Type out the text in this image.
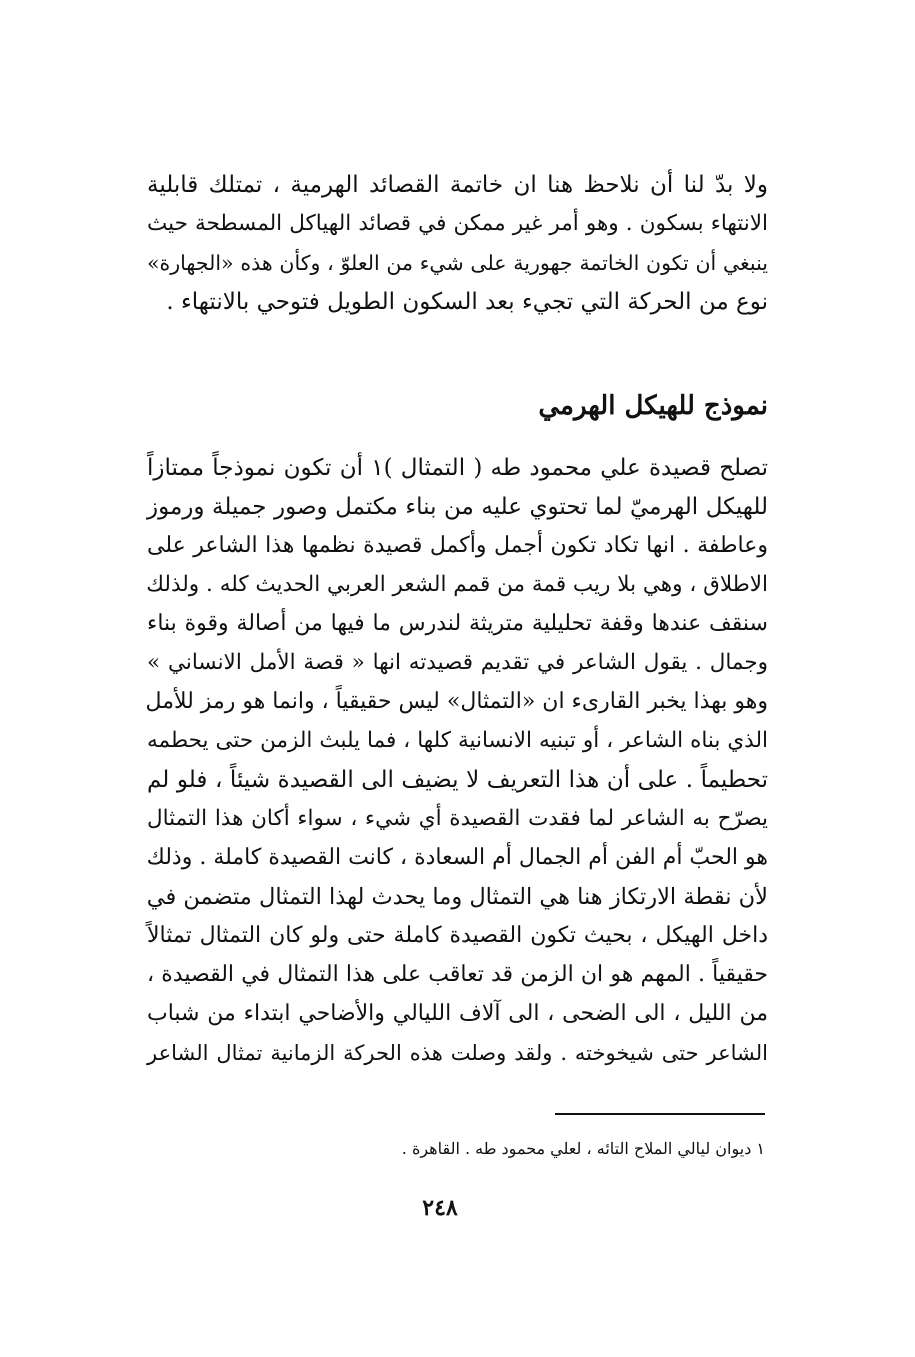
ولا بدّ لنا أن نلاحظ هنا ان خاتمة القصائد الهرمية ، تمتلك قابلية

الانتهاء بسكون . وهو أمر غير ممكن في قصائد الهياكل المسطحة حيث

ينبغي أن تكون الخاتمة جهورية على شيء من العلوّ ، وكأن هذه «الجهارة»

نوع من الحركة التي تجيء بعد السكون الطويل فتوحي بالانتهاء .

نموذج للهيكل الهرمي

تصلح قصيدة علي محمود طه ( التمثال )١ أن تكون نموذجاً ممتازاً

للهيكل الهرميّ لما تحتوي عليه من بناء مكتمل وصور جميلة ورموز

وعاطفة . انها تكاد تكون أجمل وأكمل قصيدة نظمها هذا الشاعر على

الاطلاق ، وهي بلا ريب قمة من قمم الشعر العربي الحديث كله . ولذلك

سنقف عندها وقفة تحليلية متريثة لندرس ما فيها من أصالة وقوة بناء

وجمال . يقول الشاعر في تقديم قصيدته انها « قصة الأمل الانساني »

وهو بهذا يخبر القارىء ان «التمثال» ليس حقيقياً ، وانما هو رمز للأمل

الذي بناه الشاعر ، أو تبنيه الانسانية كلها ، فما يلبث الزمن حتى يحطمه

تحطيماً . على أن هذا التعريف لا يضيف الى القصيدة شيئاً ، فلو لم

يصرّح به الشاعر لما فقدت القصيدة أي شيء ، سواء أكان هذا التمثال

هو الحبّ أم الفن أم الجمال أم السعادة ، كانت القصيدة كاملة . وذلك

لأن نقطة الارتكاز هنا هي التمثال وما يحدث لهذا التمثال متضمن في

داخل الهيكل ، بحيث تكون القصيدة كاملة حتى ولو كان التمثال تمثالاً

حقيقياً . المهم هو ان الزمن قد تعاقب على هذا التمثال في القصيدة ،

من الليل ، الى الضحى ، الى آلاف الليالي والأضاحي ابتداء من شباب

الشاعر حتى شيخوخته . ولقد وصلت هذه الحركة الزمانية تمثال الشاعر

١ ديوان ليالي الملاح التائه ، لعلي محمود طه . القاهرة .

٢٤٨
